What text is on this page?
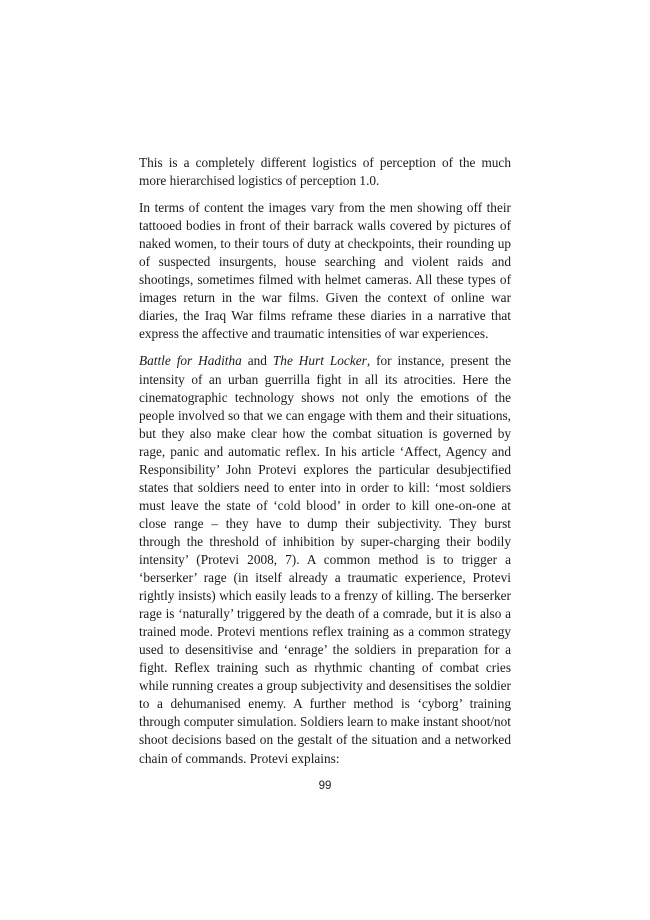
This is a completely different logistics of perception of the much more hierarchised logistics of perception 1.0.

In terms of content the images vary from the men showing off their tattooed bodies in front of their barrack walls covered by pictures of naked women, to their tours of duty at checkpoints, their rounding up of suspected insurgents, house searching and violent raids and shootings, sometimes filmed with helmet cameras. All these types of images return in the war films. Given the context of online war diaries, the Iraq War films reframe these diaries in a narrative that express the affective and traumatic intensities of war experiences.

Battle for Haditha and The Hurt Locker, for instance, present the intensity of an urban guerrilla fight in all its atrocities. Here the cinematographic technology shows not only the emotions of the people involved so that we can engage with them and their situations, but they also make clear how the combat situation is governed by rage, panic and automatic reflex. In his article ‘Affect, Agency and Responsibility’ John Protevi explores the particular desubjectified states that soldiers need to enter into in order to kill: ‘most soldiers must leave the state of ‘cold blood’ in order to kill one-on-one at close range – they have to dump their subjectivity. They burst through the threshold of inhibition by super-charging their bodily intensity’ (Protevi 2008, 7). A common method is to trigger a ‘berserker’ rage (in itself already a traumatic experience, Protevi rightly insists) which easily leads to a frenzy of killing. The berserker rage is ‘naturally’ triggered by the death of a comrade, but it is also a trained mode. Protevi mentions reflex training as a common strategy used to desensitivise and ‘enrage’ the soldiers in preparation for a fight. Reflex training such as rhythmic chanting of combat cries while running creates a group subjectivity and desensitises the soldier to a dehumanised enemy. A further method is ‘cyborg’ training through computer simulation. Soldiers learn to make instant shoot/not shoot decisions based on the gestalt of the situation and a networked chain of commands. Protevi explains:

99
